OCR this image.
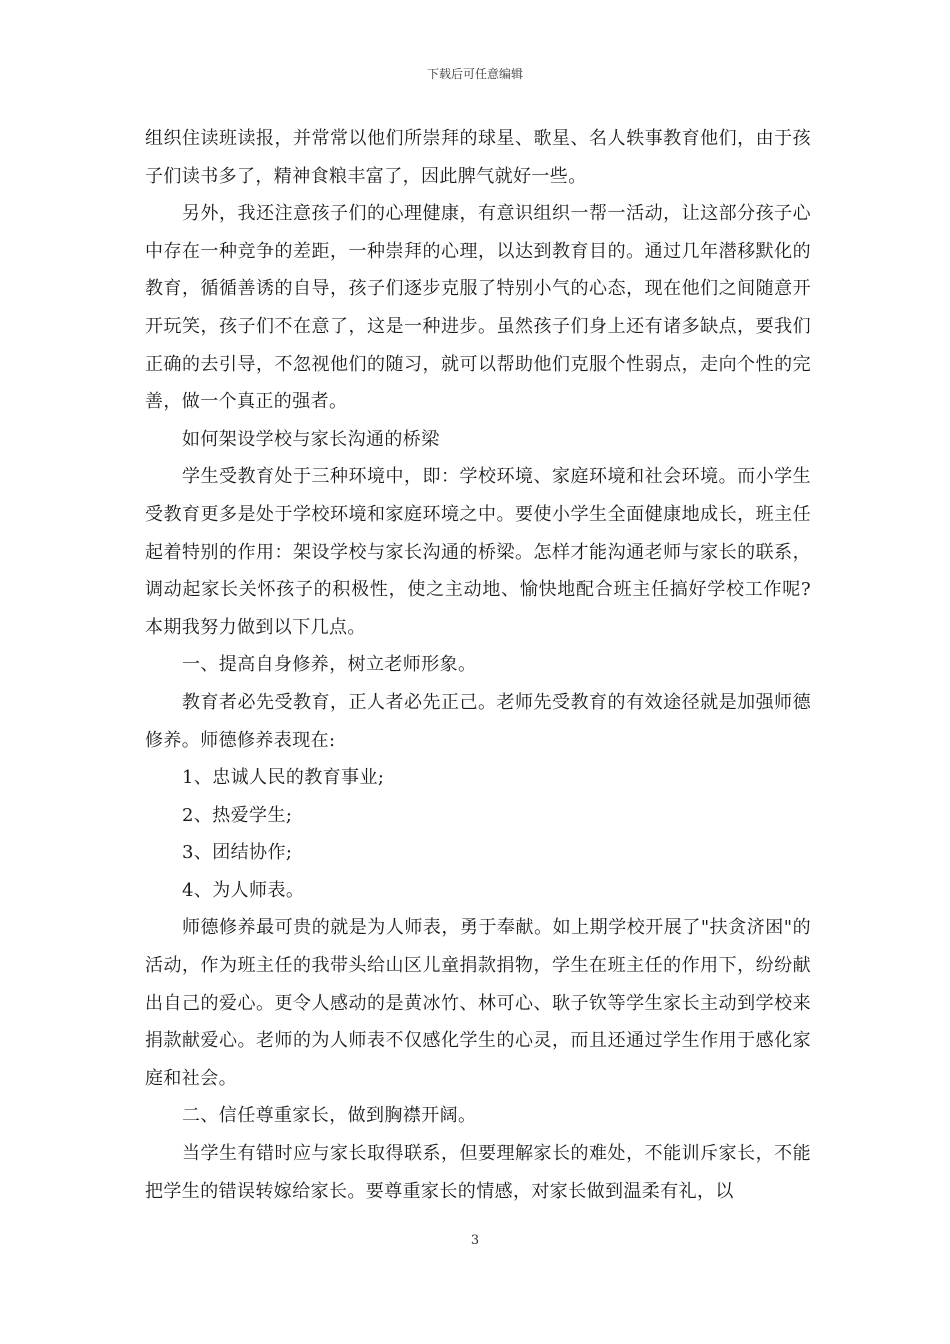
下载后可任意编辑

组织住读班读报，并常常以他们所崇拜的球星、歌星、名人轶事教育他们，由于孩子们读书多了，精神食粮丰富了，因此脾气就好一些。

另外，我还注意孩子们的心理健康，有意识组织一帮一活动，让这部分孩子心中存在一种竞争的差距，一种崇拜的心理，以达到教育目的。通过几年潜移默化的教育，循循善诱的自导，孩子们逐步克服了特别小气的心态，现在他们之间随意开开玩笑，孩子们不在意了，这是一种进步。虽然孩子们身上还有诸多缺点，要我们正确的去引导，不忽视他们的随习，就可以帮助他们克服个性弱点，走向个性的完善，做一个真正的强者。

如何架设学校与家长沟通的桥梁

学生受教育处于三种环境中，即：学校环境、家庭环境和社会环境。而小学生受教育更多是处于学校环境和家庭环境之中。要使小学生全面健康地成长，班主任起着特别的作用：架设学校与家长沟通的桥梁。怎样才能沟通老师与家长的联系，调动起家长关怀孩子的积极性，使之主动地、愉快地配合班主任搞好学校工作呢?本期我努力做到以下几点。

一、提高自身修养，树立老师形象。

教育者必先受教育，正人者必先正己。老师先受教育的有效途径就是加强师德修养。师德修养表现在:

1、忠诚人民的教育事业;

2、热爱学生;

3、团结协作;

4、为人师表。

师德修养最可贵的就是为人师表，勇于奉献。如上期学校开展了"扶贪济困"的活动，作为班主任的我带头给山区儿童捐款捐物，学生在班主任的作用下，纷纷献出自己的爱心。更令人感动的是黄冰竹、林可心、耿子钦等学生家长主动到学校来捐款献爱心。老师的为人师表不仅感化学生的心灵，而且还通过学生作用于感化家庭和社会。

二、信任尊重家长，做到胸襟开阔。

当学生有错时应与家长取得联系，但要理解家长的难处，不能训斥家长，不能把学生的错误转嫁给家长。要尊重家长的情感，对家长做到温柔有礼，以

3
